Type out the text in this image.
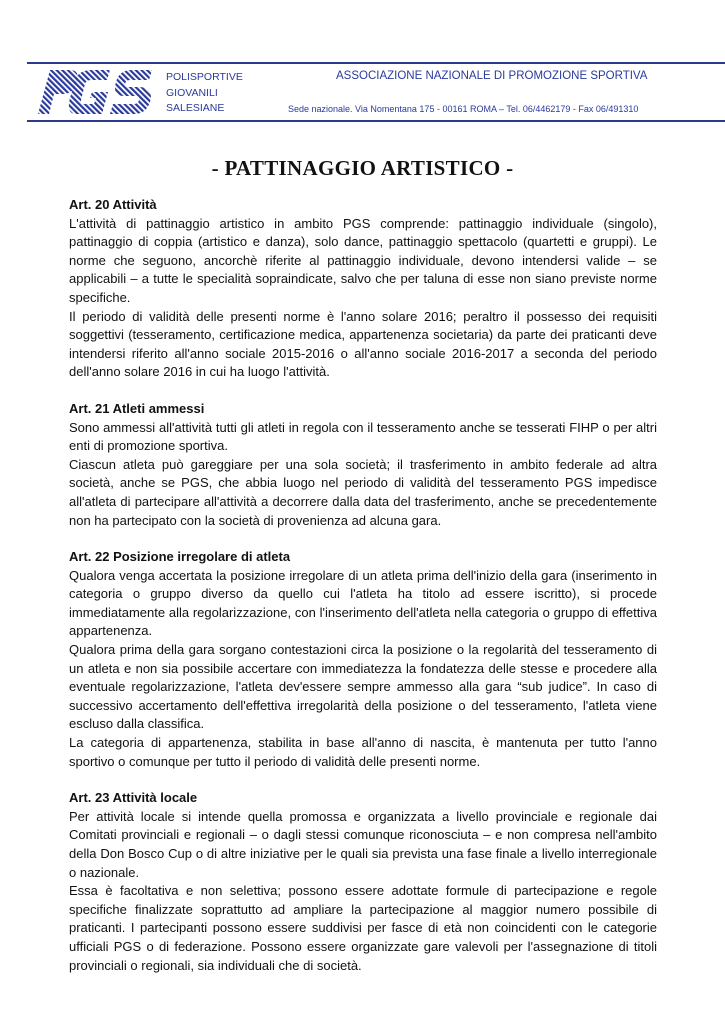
POLISPORTIVE
GIOVANILI
SALESIANE
ASSOCIAZIONE NAZIONALE DI PROMOZIONE SPORTIVA
Sede nazionale. Via Nomentana 175 - 00161 ROMA – Tel. 06/4462179 - Fax 06/491310
- PATTINAGGIO ARTISTICO -
Art. 20 Attività

L'attività di pattinaggio artistico in ambito PGS comprende: pattinaggio individuale (singolo), pattinaggio di coppia (artistico e danza), solo dance, pattinaggio spettacolo (quartetti e gruppi). Le norme che seguono, ancorchè riferite al pattinaggio individuale, devono intendersi valide – se applicabili – a tutte le specialità sopraindicate, salvo che per taluna di esse non siano previste norme specifiche.

Il periodo di validità delle presenti norme è l'anno solare 2016; peraltro il possesso dei requisiti soggettivi (tesseramento, certificazione medica, appartenenza societaria) da parte dei praticanti deve intendersi riferito all'anno sociale 2015-2016 o all'anno sociale 2016-2017 a seconda del periodo dell'anno solare 2016 in cui ha luogo l'attività.

Art. 21 Atleti ammessi

Sono ammessi all'attività tutti gli atleti in regola con il tesseramento anche se tesserati FIHP o per altri enti di promozione sportiva.

Ciascun atleta può gareggiare per una sola società; il trasferimento in ambito federale ad altra società, anche se PGS, che abbia luogo nel periodo di validità del tesseramento PGS impedisce all'atleta di partecipare all'attività a decorrere dalla data del trasferimento, anche se precedentemente non ha partecipato con la società di provenienza ad alcuna gara.

Art. 22 Posizione irregolare di atleta

Qualora venga accertata la posizione irregolare di un atleta prima dell'inizio della gara (inserimento in categoria o gruppo diverso da quello cui l'atleta ha titolo ad essere iscritto), si procede immediatamente alla regolarizzazione, con l'inserimento dell'atleta nella categoria o gruppo di effettiva appartenenza.

Qualora prima della gara sorgano contestazioni circa la posizione o la regolarità del tesseramento di un atleta e non sia possibile accertare con immediatezza la fondatezza delle stesse e procedere alla eventuale regolarizzazione, l'atleta dev'essere sempre ammesso alla gara “sub judice”. In caso di successivo accertamento dell'effettiva irregolarità della posizione o del tesseramento, l'atleta viene escluso dalla classifica.

La categoria di appartenenza, stabilita in base all'anno di nascita, è mantenuta per tutto l'anno sportivo o comunque per tutto il periodo di validità delle presenti norme.

Art. 23 Attività locale

Per attività locale si intende quella promossa e organizzata a livello provinciale e regionale dai Comitati provinciali e regionali – o dagli stessi comunque riconosciuta – e non compresa nell'ambito della Don Bosco Cup o di altre iniziative per le quali sia prevista una fase finale a livello interregionale o nazionale.

Essa è facoltativa e non selettiva; possono essere adottate formule di partecipazione e regole specifiche finalizzate soprattutto ad ampliare la partecipazione al maggior numero possibile di praticanti. I partecipanti possono essere suddivisi per fasce di età non coincidenti con le categorie ufficiali PGS o di federazione. Possono essere organizzate gare valevoli per l'assegnazione di titoli provinciali o regionali, sia individuali che di società.
